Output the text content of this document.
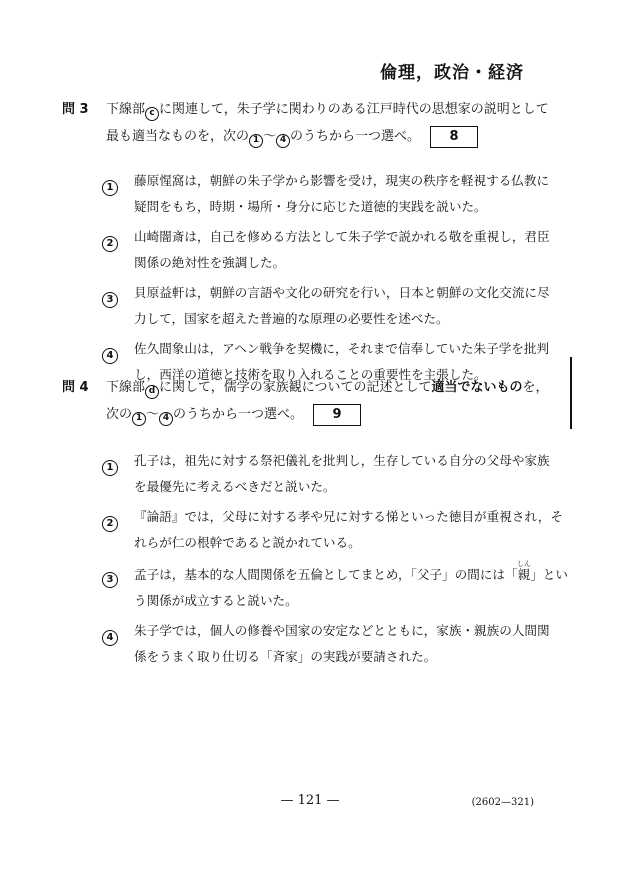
倫理，政治・経済
問 3	下線部 c に関連して，朱子学に関わりのある江戸時代の思想家の説明として
最も適当なものを，次の 1 ～ 4 のうちから一つ選べ。 8
1	藤原惺窩は，朝鮮の朱子学から影響を受け，現実の秩序を軽視する仏教に
疑問をもち，時期・場所・身分に応じた道徳的実践を説いた。
2	山崎闇斎は，自己を修める方法として朱子学で説かれる敬を重視し，君臣
関係の絶対性を強調した。
3	貝原益軒は，朝鮮の言語や文化の研究を行い，日本と朝鮮の文化交流に尽
力して，国家を超えた普遍的な原理の必要性を述べた。
4	佐久間象山は，アヘン戦争を契機に，それまで信奉していた朱子学を批判
し，西洋の道徳と技術を取り入れることの重要性を主張した。
問 4	下線部 d に関して，儒学の家族観についての記述として適当でないものを，
次の 1 ～ 4 のうちから一つ選べ。 9
1	孔子は，祖先に対する祭祀儀礼を批判し，生存している自分の父母や家族
を最優先に考えるべきだと説いた。
2	『論語』では，父母に対する孝や兄に対する悌といった徳目が重視され，そ
れらが仁の根幹であると説かれている。
3	孟子は，基本的な人間関係を五倫としてまとめ，「父子」の間には「親しん」とい
う関係が成立すると説いた。
4	朱子学では，個人の修養や国家の安定などとともに，家族・親族の人間関
係をうまく取り仕切る「斉家」の実践が要請された。
— 121 —	(2602—321)
